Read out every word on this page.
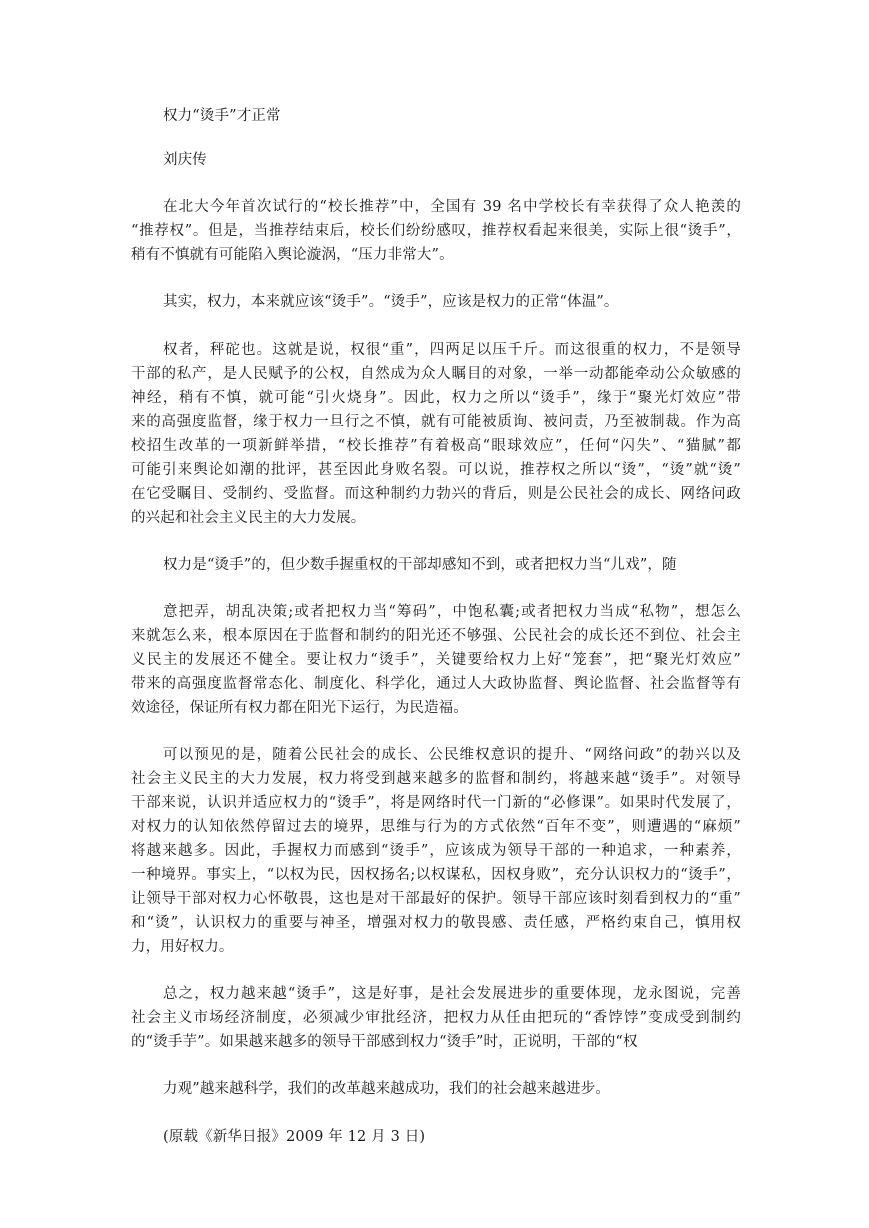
权力“烫手”才正常
刘庆传
在北大今年首次试行的“校长推荐”中，全国有 39 名中学校长有幸获得了众人艳羡的
“推荐权”。但是，当推荐结束后，校长们纷纷感叹，推荐权看起来很美，实际上很“烫手”，
稍有不慎就有可能陷入舆论漩涡，“压力非常大”。
其实，权力，本来就应该“烫手”。“烫手”，应该是权力的正常“体温”。
权者，秤砣也。这就是说，权很“重”，四两足以压千斤。而这很重的权力，不是领导
干部的私产，是人民赋予的公权，自然成为众人瞩目的对象，一举一动都能牵动公众敏感的
神经，稍有不慎，就可能“引火烧身”。因此，权力之所以“烫手”，缘于“聚光灯效应”带
来的高强度监督，缘于权力一旦行之不慎，就有可能被质询、被问责，乃至被制裁。作为高
校招生改革的一项新鲜举措，“校长推荐”有着极高“眼球效应”，任何“闪失”、“猫腻”都
可能引来舆论如潮的批评，甚至因此身败名裂。可以说，推荐权之所以“烫”，“烫”就“烫”
在它受瞩目、受制约、受监督。而这种制约力勃兴的背后，则是公民社会的成长、网络问政
的兴起和社会主义民主的大力发展。
权力是“烫手”的，但少数手握重权的干部却感知不到，或者把权力当“儿戏”，随
意把弄，胡乱决策;或者把权力当“筹码”，中饱私囊;或者把权力当成“私物”，想怎么
来就怎么来，根本原因在于监督和制约的阳光还不够强、公民社会的成长还不到位、社会主
义民主的发展还不健全。要让权力“烫手”，关键要给权力上好“笼套”，把“聚光灯效应”
带来的高强度监督常态化、制度化、科学化，通过人大政协监督、舆论监督、社会监督等有
效途径，保证所有权力都在阳光下运行，为民造福。
可以预见的是，随着公民社会的成长、公民维权意识的提升、“网络问政”的勃兴以及
社会主义民主的大力发展，权力将受到越来越多的监督和制约，将越来越“烫手”。对领导
干部来说，认识并适应权力的“烫手”，将是网络时代一门新的“必修课”。如果时代发展了，
对权力的认知依然停留过去的境界，思维与行为的方式依然“百年不变”，则遭遇的“麻烦”
将越来越多。因此，手握权力而感到“烫手”，应该成为领导干部的一种追求，一种素养，
一种境界。事实上，“以权为民，因权扬名;以权谋私，因权身败”，充分认识权力的“烫手”，
让领导干部对权力心怀敬畏，这也是对干部最好的保护。领导干部应该时刻看到权力的“重”
和“烫”，认识权力的重要与神圣，增强对权力的敬畏感、责任感，严格约束自己，慎用权
力，用好权力。
总之，权力越来越“烫手”，这是好事，是社会发展进步的重要体现，龙永图说，完善
社会主义市场经济制度，必须减少审批经济，把权力从任由把玩的“香饽饽”变成受到制约
的“烫手芋”。如果越来越多的领导干部感到权力“烫手”时，正说明，干部的“权
力观”越来越科学，我们的改革越来越成功，我们的社会越来越进步。
(原载《新华日报》2009 年 12 月 3 日)
